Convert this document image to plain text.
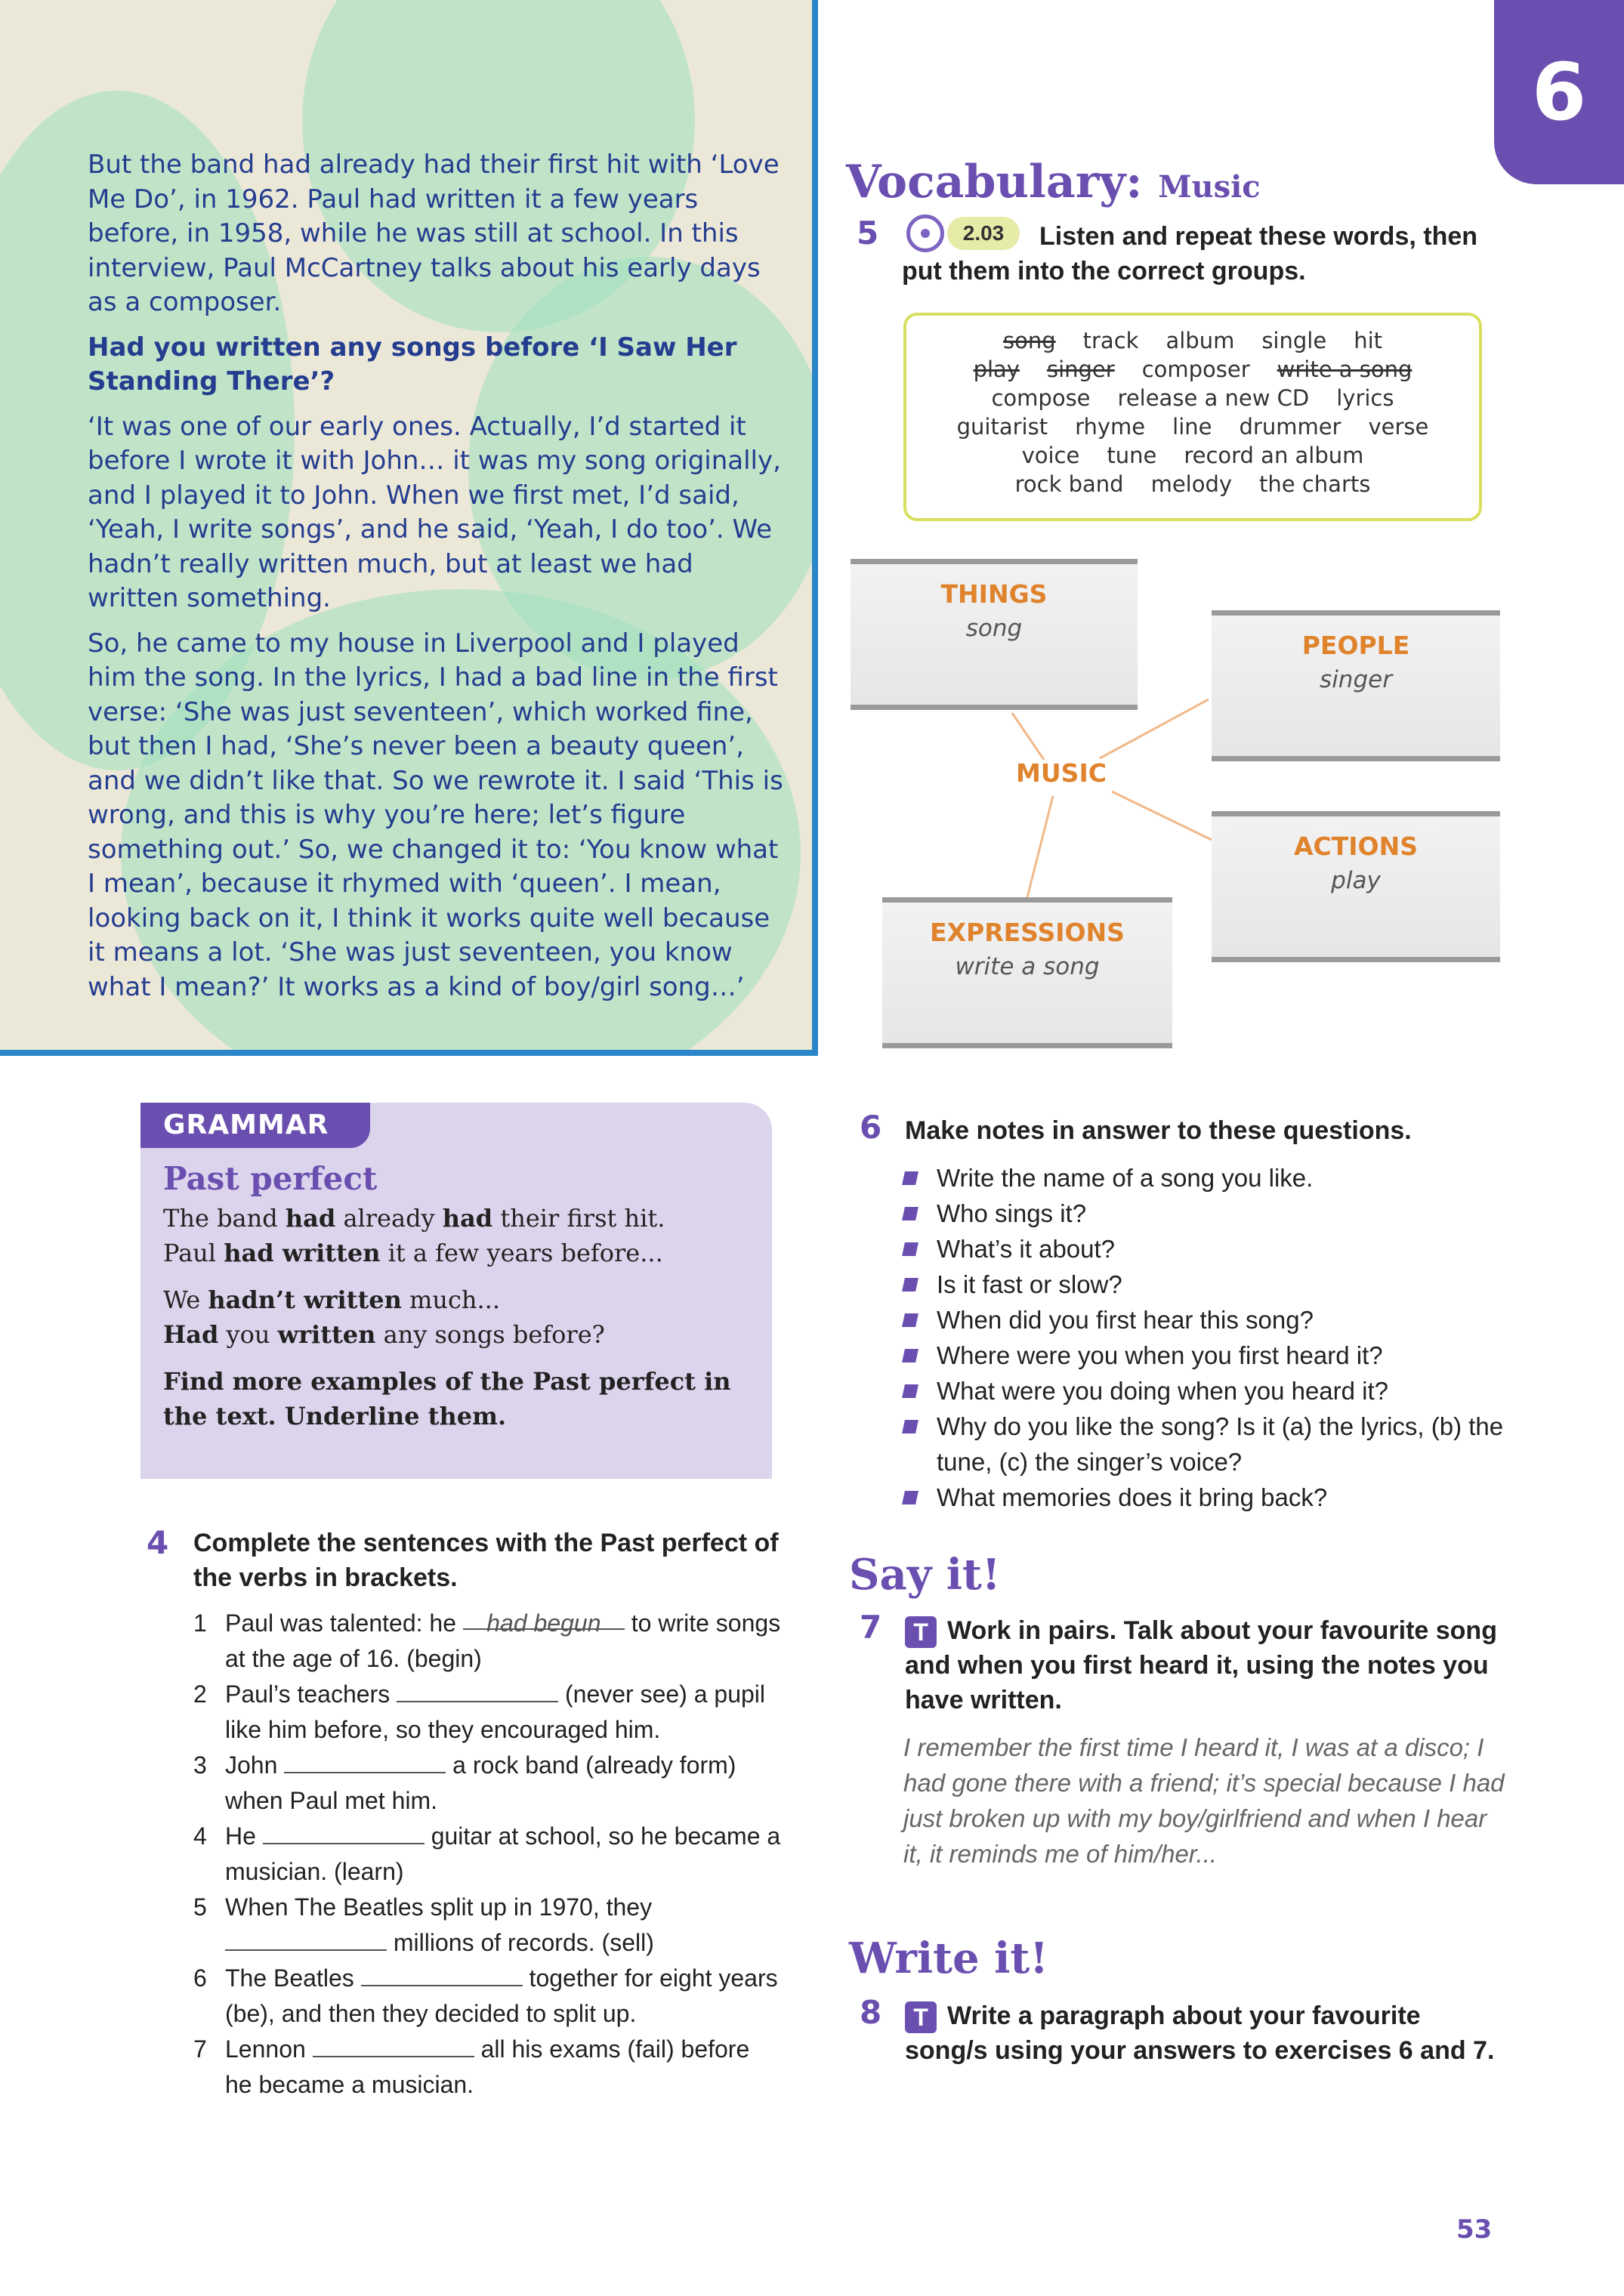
But the band had already had their first hit with ‘Love Me Do’, in 1962. Paul had written it a few years before, in 1958, while he was still at school. In this interview, Paul McCartney talks about his early days as a composer.

Had you written any songs before ‘I Saw Her Standing There’?

‘It was one of our early ones. Actually, I’d started it before I wrote it with John… it was my song originally, and I played it to John. When we first met, I’d said, ‘Yeah, I write songs’, and he said, ‘Yeah, I do too’. We hadn’t really written much, but at least we had written something.

So, he came to my house in Liverpool and I played him the song. In the lyrics, I had a bad line in the first verse: ‘She was just seventeen’, which worked fine, but then I had, ‘She’s never been a beauty queen’, and we didn’t like that. So we rewrote it. I said ‘This is wrong, and this is why you’re here; let’s figure something out.’ So, we changed it to: ‘You know what I mean’, because it rhymed with ‘queen’. I mean, looking back on it, I think it works quite well because it means a lot. ‘She was just seventeen, you know what I mean?’ It works as a kind of boy/girl song…’

6
Vocabulary: Music
5	2.03	Listen and repeat these words, then put them into the correct groups.
song track album single hit
play singer composer write a song
compose release a new CD lyrics
guitarist rhyme line drummer verse
voice tune record an album
rock band melody the charts
THINGS
song
PEOPLE
singer
ACTIONS
play
EXPRESSIONS
write a song
MUSIC
GRAMMAR
Past perfect

The band had already had their first hit.
Paul had written it a few years before...

We hadn’t written much...
Had you written any songs before?

Find more examples of the Past perfect in the text. Underline them.

4 Complete the sentences with the Past perfect of the verbs in brackets.
1 Paul was talented: he had begun to write songs at the age of 16. (begin)
2 Paul’s teachers	(never see) a pupil like him before, so they encouraged him.
3 John	a rock band (already form) when Paul met him.
4 He	guitar at school, so he became a musician. (learn)
5 When The Beatles split up in 1970, they  millions of records. (sell)
6 The Beatles	together for eight years (be), and then they decided to split up.
7 Lennon	all his exams (fail) before he became a musician.
6 Make notes in answer to these questions.
Write the name of a song you like.
Who sings it?
What’s it about?
Is it fast or slow?
When did you first hear this song?
Where were you when you first heard it?
What were you doing when you heard it?
Why do you like the song? Is it (a) the lyrics, (b) the tune, (c) the singer’s voice?
What memories does it bring back?
Say it!
7	T Work in pairs. Talk about your favourite song and when you first heard it, using the notes you have written.
I remember the first time I heard it, I was at a disco; I had gone there with a friend; it’s special because I had just broken up with my boy/girlfriend and when I hear it, it reminds me of him/her...
Write it!
8	T Write a paragraph about your favourite song/s using your answers to exercises 6 and 7.
53
